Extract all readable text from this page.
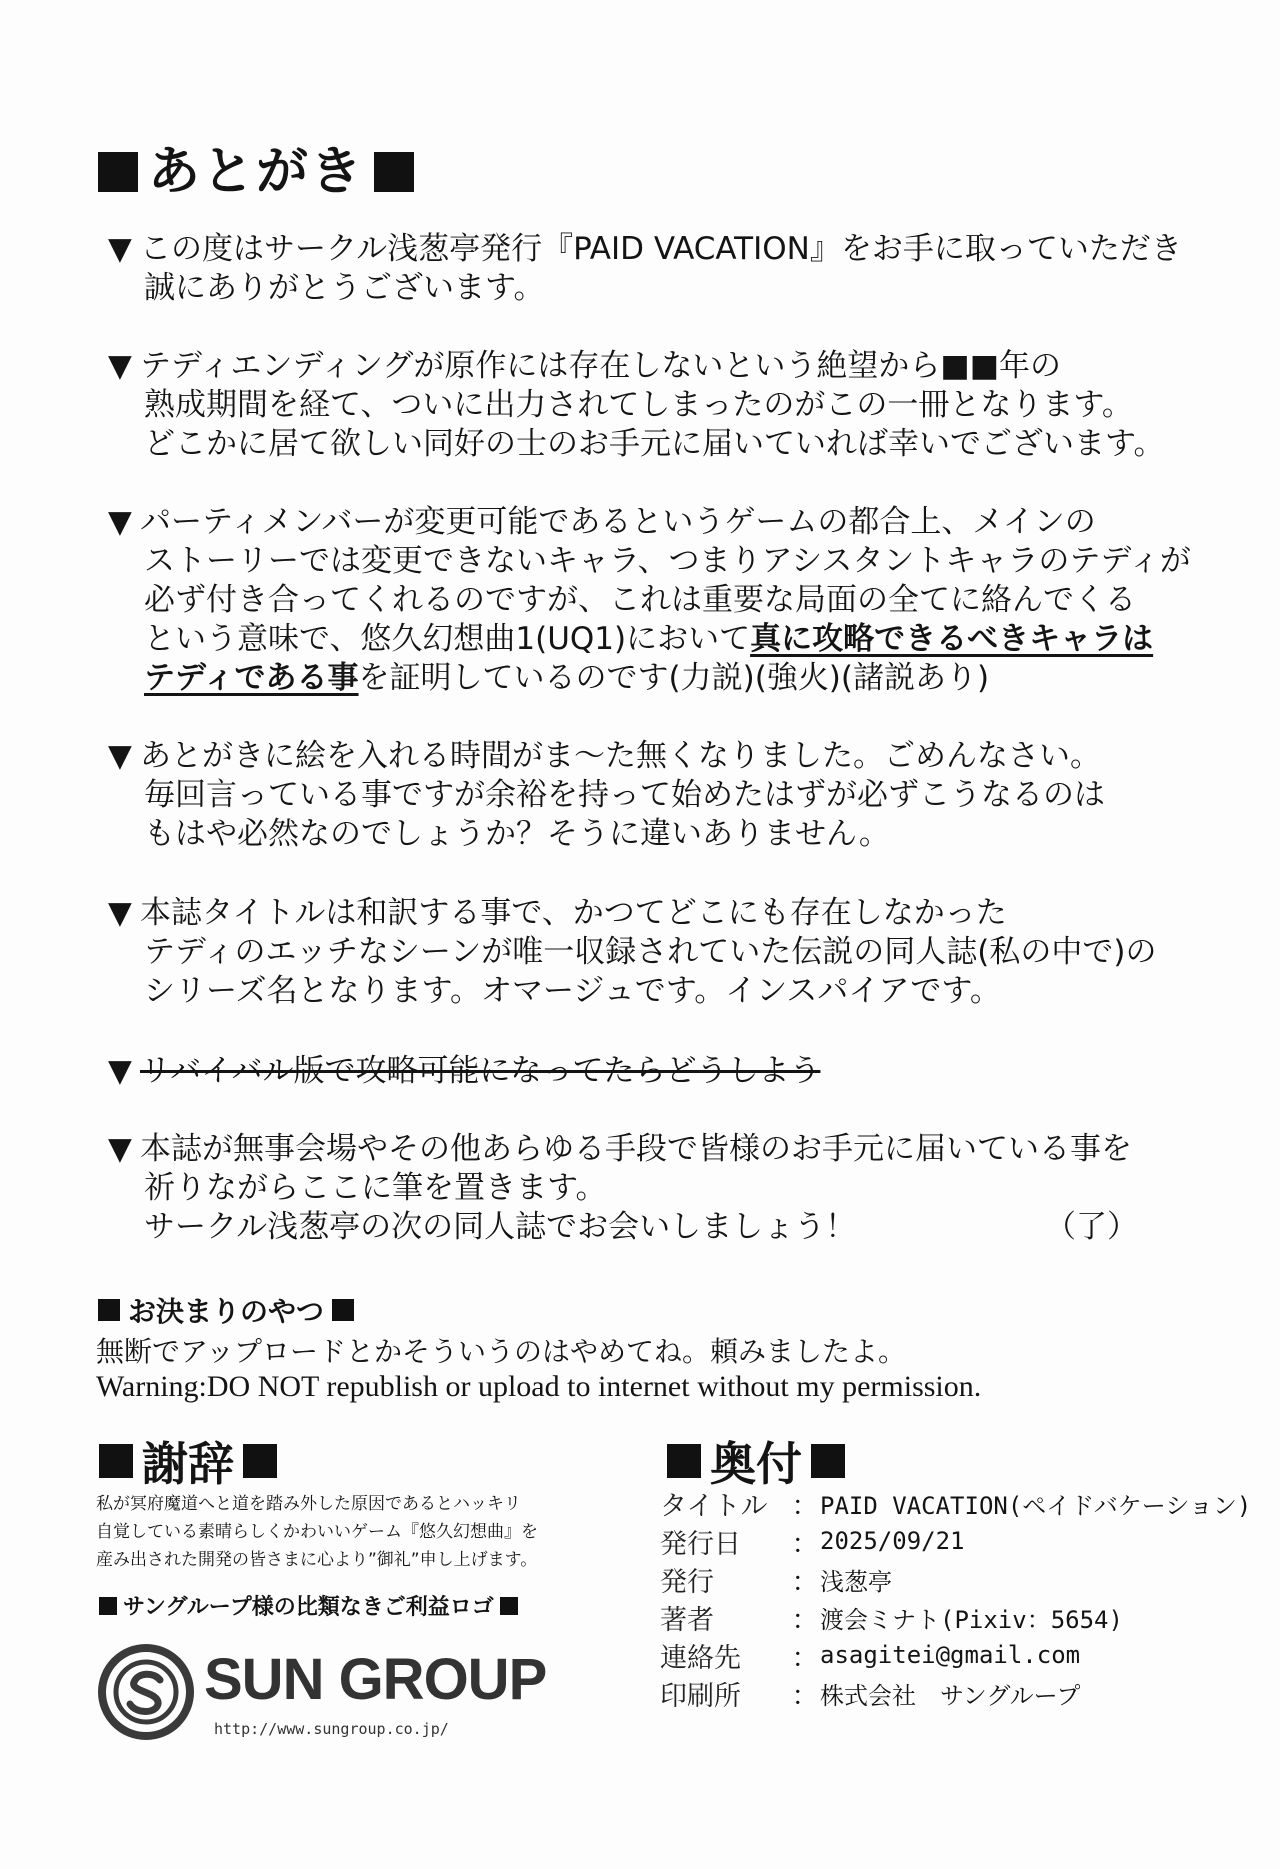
あとがき
▼ この度はサークル浅葱亭発行『PAID VACATION』をお手に取っていただき
誠にありがとうございます。
▼ テディエンディングが原作には存在しないという絶望から■■年の
熟成期間を経て、ついに出力されてしまったのがこの一冊となります。
どこかに居て欲しい同好の士のお手元に届いていれば幸いでございます。
▼ パーティメンバーが変更可能であるというゲームの都合上、メインの
ストーリーでは変更できないキャラ、つまりアシスタントキャラのテディが
必ず付き合ってくれるのですが、これは重要な局面の全てに絡んでくる
という意味で、悠久幻想曲1(UQ1)において真に攻略できるべきキャラは
テディである事を証明しているのです(力説)(強火)(諸説あり)
▼ あとがきに絵を入れる時間がま～た無くなりました。ごめんなさい。
毎回言っている事ですが余裕を持って始めたはずが必ずこうなるのは
もはや必然なのでしょうか？そうに違いありません。
▼ 本誌タイトルは和訳する事で、かつてどこにも存在しなかった
テディのエッチなシーンが唯一収録されていた伝説の同人誌(私の中で)の
シリーズ名となります。オマージュです。インスパイアです。
▼ リバイバル版で攻略可能になってたらどうしよう
▼ 本誌が無事会場やその他あらゆる手段で皆様のお手元に届いている事を
祈りながらここに筆を置きます。
サークル浅葱亭の次の同人誌でお会いしましょう！	（了）
お決まりのやつ
無断でアップロードとかそういうのはやめてね。頼みましたよ。
Warning:DO NOT republish or upload to internet without my permission.
謝辞
私が冥府魔道へと道を踏み外した原因であるとハッキリ
自覚している素晴らしくかわいいゲーム『悠久幻想曲』を
産み出された開発の皆さまに心より”御礼”申し上げます。
サングループ様の比類なきご利益ロゴ
SUN GROUP
http://www.sungroup.co.jp/
奥付
タイトル ： PAID VACATION(ペイドバケーション)
発行日	： 2025/09/21
発行	： 浅葱亭
著者	： 渡会ミナト(Pixiv：5654)
連絡先	： asagitei@gmail.com
印刷所	： 株式会社　サングループ
